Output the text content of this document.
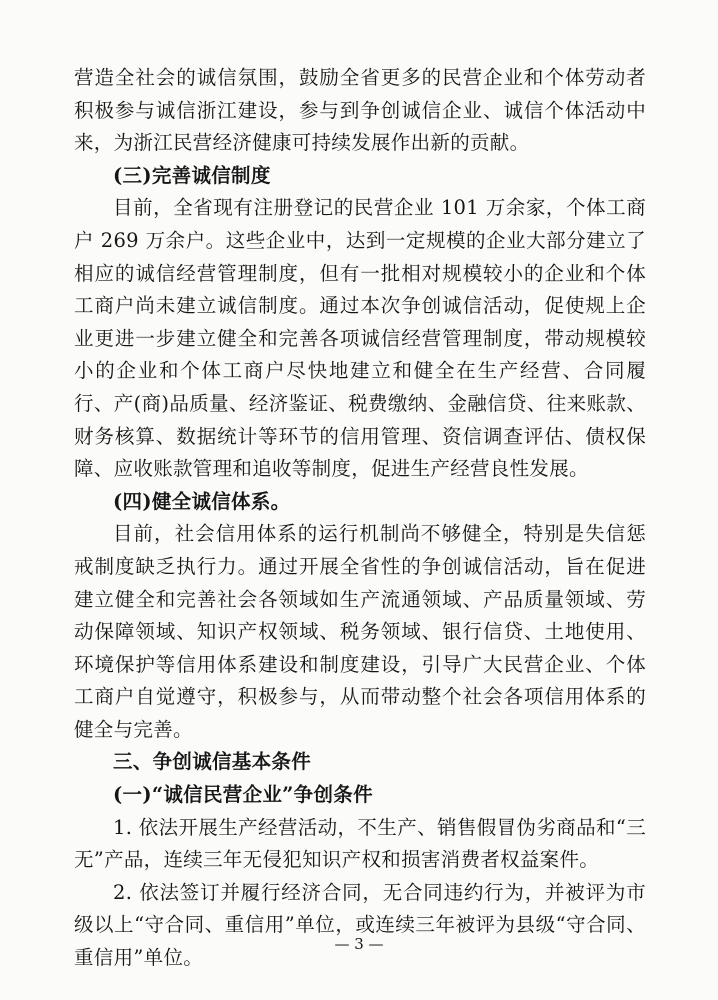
营造全社会的诚信氛围，鼓励全省更多的民营企业和个体劳动者积极参与诚信浙江建设，参与到争创诚信企业、诚信个体活动中来，为浙江民营经济健康可持续发展作出新的贡献。

(三)完善诚信制度

目前，全省现有注册登记的民营企业 101 万余家，个体工商户 269 万余户。这些企业中，达到一定规模的企业大部分建立了相应的诚信经营管理制度，但有一批相对规模较小的企业和个体工商户尚未建立诚信制度。通过本次争创诚信活动，促使规上企业更进一步建立健全和完善各项诚信经营管理制度，带动规模较小的企业和个体工商户尽快地建立和健全在生产经营、合同履行、产(商)品质量、经济鉴证、税费缴纳、金融信贷、往来账款、财务核算、数据统计等环节的信用管理、资信调查评估、债权保障、应收账款管理和追收等制度，促进生产经营良性发展。

(四)健全诚信体系。

目前，社会信用体系的运行机制尚不够健全，特别是失信惩戒制度缺乏执行力。通过开展全省性的争创诚信活动，旨在促进建立健全和完善社会各领域如生产流通领域、产品质量领域、劳动保障领域、知识产权领域、税务领域、银行信贷、土地使用、环境保护等信用体系建设和制度建设，引导广大民营企业、个体工商户自觉遵守，积极参与，从而带动整个社会各项信用体系的健全与完善。

三、争创诚信基本条件
(一)“诚信民营企业”争创条件

1. 依法开展生产经营活动，不生产、销售假冒伪劣商品和“三无”产品，连续三年无侵犯知识产权和损害消费者权益案件。

2. 依法签订并履行经济合同，无合同违约行为，并被评为市级以上“守合同、重信用”单位，或连续三年被评为县级“守合同、重信用”单位。

— 3 —
